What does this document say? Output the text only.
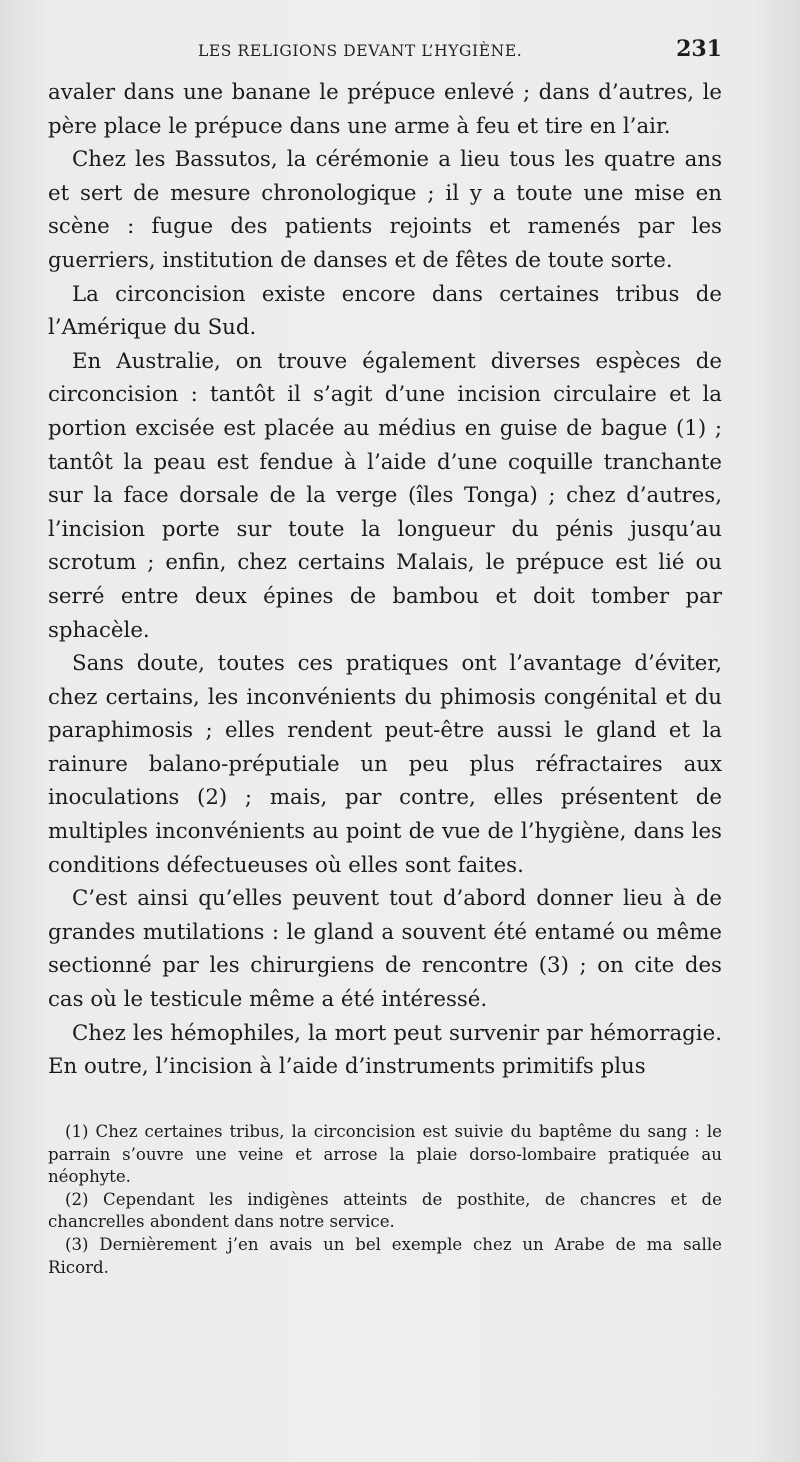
LES RELIGIONS DEVANT L’HYGIÈNE.	231

avaler dans une banane le prépuce enlevé ; dans d’autres, le père place le prépuce dans une arme à feu et tire en l’air.

Chez les Bassutos, la cérémonie a lieu tous les quatre ans et sert de mesure chronologique ; il y a toute une mise en scène : fugue des patients rejoints et ramenés par les guerriers, institution de danses et de fêtes de toute sorte.

La circoncision existe encore dans certaines tribus de l’Amérique du Sud.

En Australie, on trouve également diverses espèces de circoncision : tantôt il s’agit d’une incision circulaire et la portion excisée est placée au médius en guise de bague (1) ; tantôt la peau est fendue à l’aide d’une coquille tranchante sur la face dorsale de la verge (îles Tonga) ; chez d’autres, l’incision porte sur toute la longueur du pénis jusqu’au scrotum ; enfin, chez certains Malais, le prépuce est lié ou serré entre deux épines de bambou et doit tomber par sphacèle.

Sans doute, toutes ces pratiques ont l’avantage d’éviter, chez certains, les inconvénients du phimosis congénital et du paraphimosis ; elles rendent peut-être aussi le gland et la rainure balano-préputiale un peu plus réfractaires aux inoculations (2) ; mais, par contre, elles présentent de multiples inconvénients au point de vue de l’hygiène, dans les conditions défectueuses où elles sont faites.

C’est ainsi qu’elles peuvent tout d’abord donner lieu à de grandes mutilations : le gland a souvent été entamé ou même sectionné par les chirurgiens de rencontre (3) ; on cite des cas où le testicule même a été intéressé.

Chez les hémophiles, la mort peut survenir par hémorragie. En outre, l’incision à l’aide d’instruments primitifs plus

(1) Chez certaines tribus, la circoncision est suivie du baptême du sang : le parrain s’ouvre une veine et arrose la plaie dorso-lombaire pratiquée au néophyte.

(2) Cependant les indigènes atteints de posthite, de chancres et de chancrelles abondent dans notre service.

(3) Dernièrement j’en avais un bel exemple chez un Arabe de ma salle Ricord.
